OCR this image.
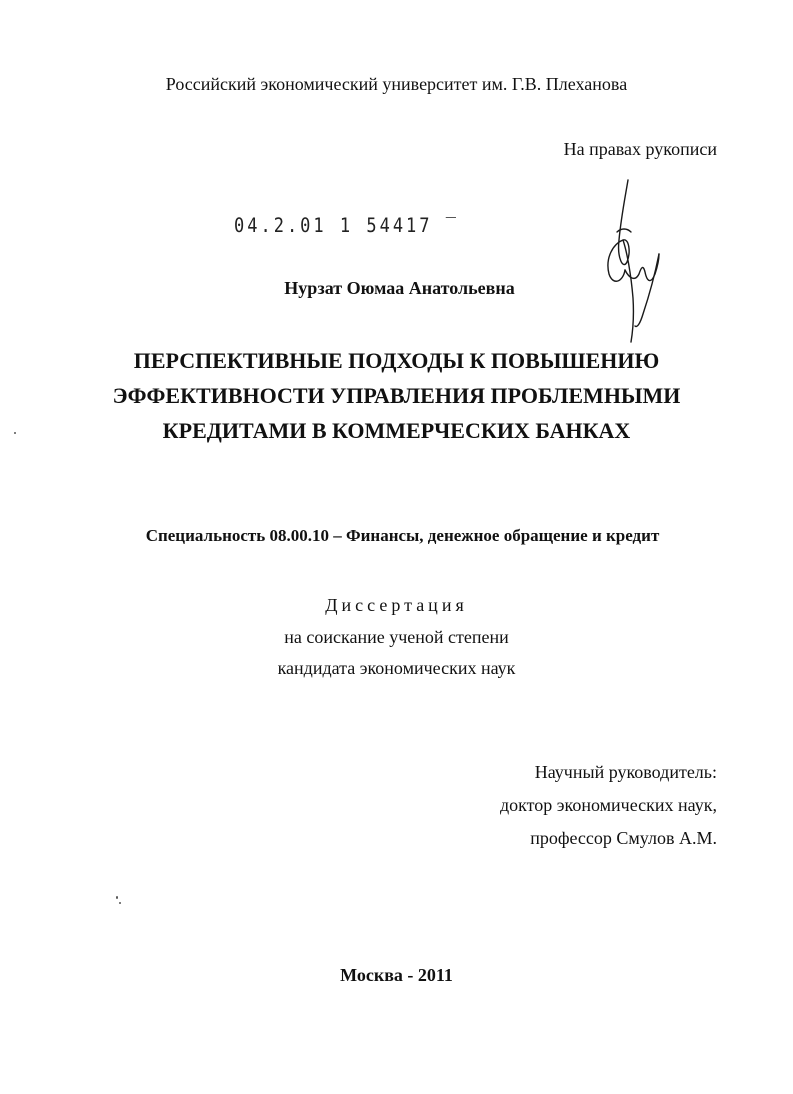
Российский экономический университет им. Г.В. Плеханова
На правах рукописи
04.2.01 1 54417 ‾
Нурзат Оюмаа Анатольевна
ПЕРСПЕКТИВНЫЕ ПОДХОДЫ К ПОВЫШЕНИЮ
ЭФФЕКТИВНОСТИ УПРАВЛЕНИЯ ПРОБЛЕМНЫМИ
КРЕДИТАМИ В КОММЕРЧЕСКИХ БАНКАХ
Специальность 08.00.10 – Финансы, денежное обращение и кредит
Диссертация
на соискание ученой степени
кандидата экономических наук
Научный руководитель:
доктор экономических наук,
профессор Смулов А.М.
Москва - 2011
